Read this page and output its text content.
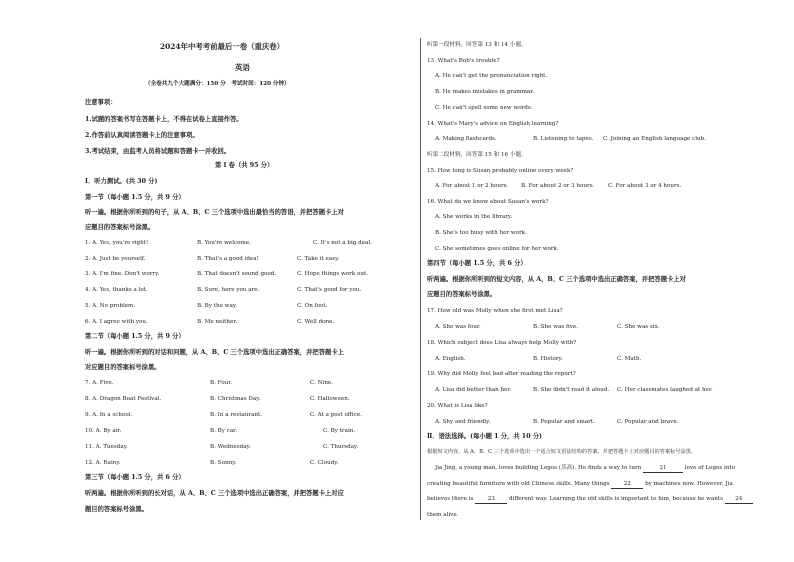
2024年中考考前最后一卷（重庆卷）
英语
（全卷共九个大题满分：150 分　考试时间：120 分钟）
注意事项：
1.试题的答案书写在答题卡上，不得在试卷上直接作答。
2.作答前认真阅读答题卡上的注意事项。
3.考试结束，由监考人员将试题和答题卡一并收回。
第 I 卷（共 95 分）
Ⅰ．听力测试。(共 30 分)
第一节（每小题 1.5 分，共 9 分）
听一遍。根据你所听到的句子，从 A、B、C 三个选项中选出最恰当的答语，并把答题卡上对
应题目的答案标号涂黑。
1. A. Yes, you're right!	B. You're welcome.	C. It's not a big deal.
2. A. Just be yourself.	B. That's a good idea!	C. Take it easy.
3. A. I'm fine. Don't worry.	B. That doesn't sound good.	C. Hope things work out.
4. A. Yes, thanks a lot.	B. Sure, here you are.	C. That's good for you.
5. A. No problem.	B. By the way.	C. On foot.
6. A. I agree with you.	B. Me neither.	C. Well done.
第二节（每小题 1.5 分，共 9 分）
听一遍。根据你所听到的对话和问题，从 A、B、C 三个选项中选出正确答案，并把答题卡上
对应题目的答案标号涂黑。
7. A. Five.	B. Four.	C. Nine.
8. A. Dragon Boat Festival.	B. Christmas Day.	C. Halloween.
9. A. In a school.	B. In a restaurant.	C. At a post office.
10. A. By air.	B. By car.	C. By train.
11. A. Tuesday.	B. Wednesday.	C. Thursday.
12. A. Rainy.	B. Sunny.	C. Cloudy.
第三节（每小题 1.5 分，共 6 分）
听两遍。根据你所听到的长对话，从 A、B、C 三个选项中选出正确答案，并把答题卡上对应
题目的答案标号涂黑。
听第一段材料，回答第 13 和 14 小题。
13. What's Bob's trouble?
A. He can't get the pronunciation right.
B. He makes mistakes in grammar.
C. He can't spell some new words.
14. What's Mary's advice on English learning?
A. Making flashcards.	B. Listening to tapes. C. Joining an English language club.
听第二段材料，回答第 15 和 16 小题。
15. How long is Susan probably online every week?
A. For about 1 or 2 hours. B. For about 2 or 3 hours. C. For about 3 or 4 hours.
16. What do we know about Susan's work?
A. She works in the library.
B. She's too busy with her work.
C. She sometimes goes online for her work.
第四节（每小题 1.5 分，共 6 分）
听两遍。根据你所听到的短文内容，从 A、B、C 三个选项中选出正确答案，并把答题卡上对
应题目的答案标号涂黑。
17. How old was Molly when she first met Lisa?
A. She was four.	B. She was five.	C. She was six.
18. Which subject does Lisa always help Molly with?
A. English.	B. History.	C. Math.
19. Why did Molly feel bad after reading the report?
A. Lisa did better than her.	B. She didn't read it aloud. C. Her classmates laughed at her.
20. What is Lisa like?
A. Shy and friendly.	B. Popular and smart.	C. Popular and brave.
Ⅱ．语法选择。(每小题 1 分，共 10 分)
根据短文内容，从 A、B、C 三个选项中选出一个适合短文语法结构的答案，并把答题卡上对应题目的答案标号涂黑。
Jia Jing, a young man, loves building Legos (乐高). He finds a way to turn	21	love of Legos into
creating beautiful furniture with old Chinese skills. Many things	22	by machines now. However, Jia
believes there is	23	different way. Learning the old skills is important to him, because he wants 24
them alive.
